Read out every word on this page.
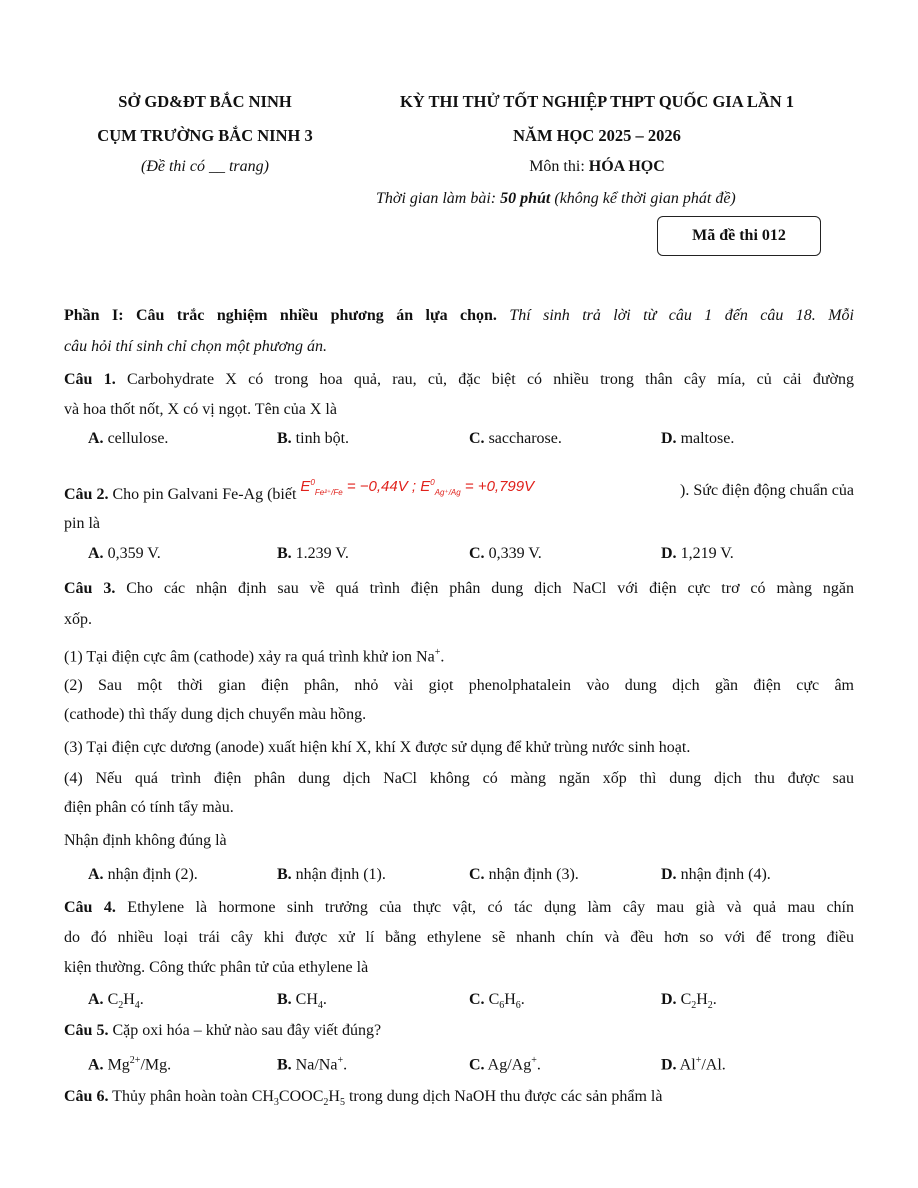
SỞ GD&ĐT BẮC NINH
CỤM TRƯỜNG BẮC NINH 3
(Đề thi có __ trang)
KỲ THI THỬ TỐT NGHIỆP THPT QUỐC GIA LẦN 1
NĂM HỌC 2025 – 2026
Môn thi: HÓA HỌC
Thời gian làm bài: 50 phút (không kể thời gian phát đề)
Mã đề thi 012
Phần I: Câu trắc nghiệm nhiều phương án lựa chọn. Thí sinh trả lời từ câu 1 đến câu 18. Mỗi
câu hỏi thí sinh chỉ chọn một phương án.
Câu 1. Carbohydrate X có trong hoa quả, rau, củ, đặc biệt có nhiều trong thân cây mía, củ cải đường
và hoa thốt nốt, X có vị ngọt. Tên của X là
A. cellulose.	B. tinh bột.	C. saccharose.	D. maltose.
Câu 2. Cho pin Galvani Fe-Ag (biết $E^0_{Fe^{2+}/Fe} = -0,44V$ ; $E^0_{Ag^+/Ag} = +0,799V$	). Sức điện động chuẩn của
pin là
A. 0,359 V.	B. 1.239 V.	C. 0,339 V.	D. 1,219 V.
Câu 3. Cho các nhận định sau về quá trình điện phân dung dịch NaCl với điện cực trơ có màng ngăn
xốp.
(1) Tại điện cực âm (cathode) xảy ra quá trình khử ion Na+.
(2) Sau một thời gian điện phân, nhỏ vài giọt phenolphatalein vào dung dịch gần điện cực âm
(cathode) thì thấy dung dịch chuyển màu hồng.
(3) Tại điện cực dương (anode) xuất hiện khí X, khí X được sử dụng để khử trùng nước sinh hoạt.
(4) Nếu quá trình điện phân dung dịch NaCl không có màng ngăn xốp thì dung dịch thu được sau
điện phân có tính tẩy màu.
Nhận định không đúng là
A. nhận định (2).	B. nhận định (1).	C. nhận định (3).	D. nhận định (4).
Câu 4. Ethylene là hormone sinh trưởng của thực vật, có tác dụng làm cây mau già và quả mau chín
do đó nhiều loại trái cây khi được xử lí bằng ethylene sẽ nhanh chín và đều hơn so với để trong điều
kiện thường. Công thức phân tử của ethylene là
A. $C_2H_4$.	B. $CH_4$.	C. $C_6H_6$.	D. $C_2H_2$.
Câu 5. Cặp oxi hóa – khử nào sau đây viết đúng?
A. $Mg^{2+}/Mg$.	B. Na/Na+.	C. Ag/Ag+.	D. Al+/Al.
Câu 6. Thủy phân hoàn toàn $CH_3COOC_2H_5$ trong dung dịch NaOH thu được các sản phẩm là
